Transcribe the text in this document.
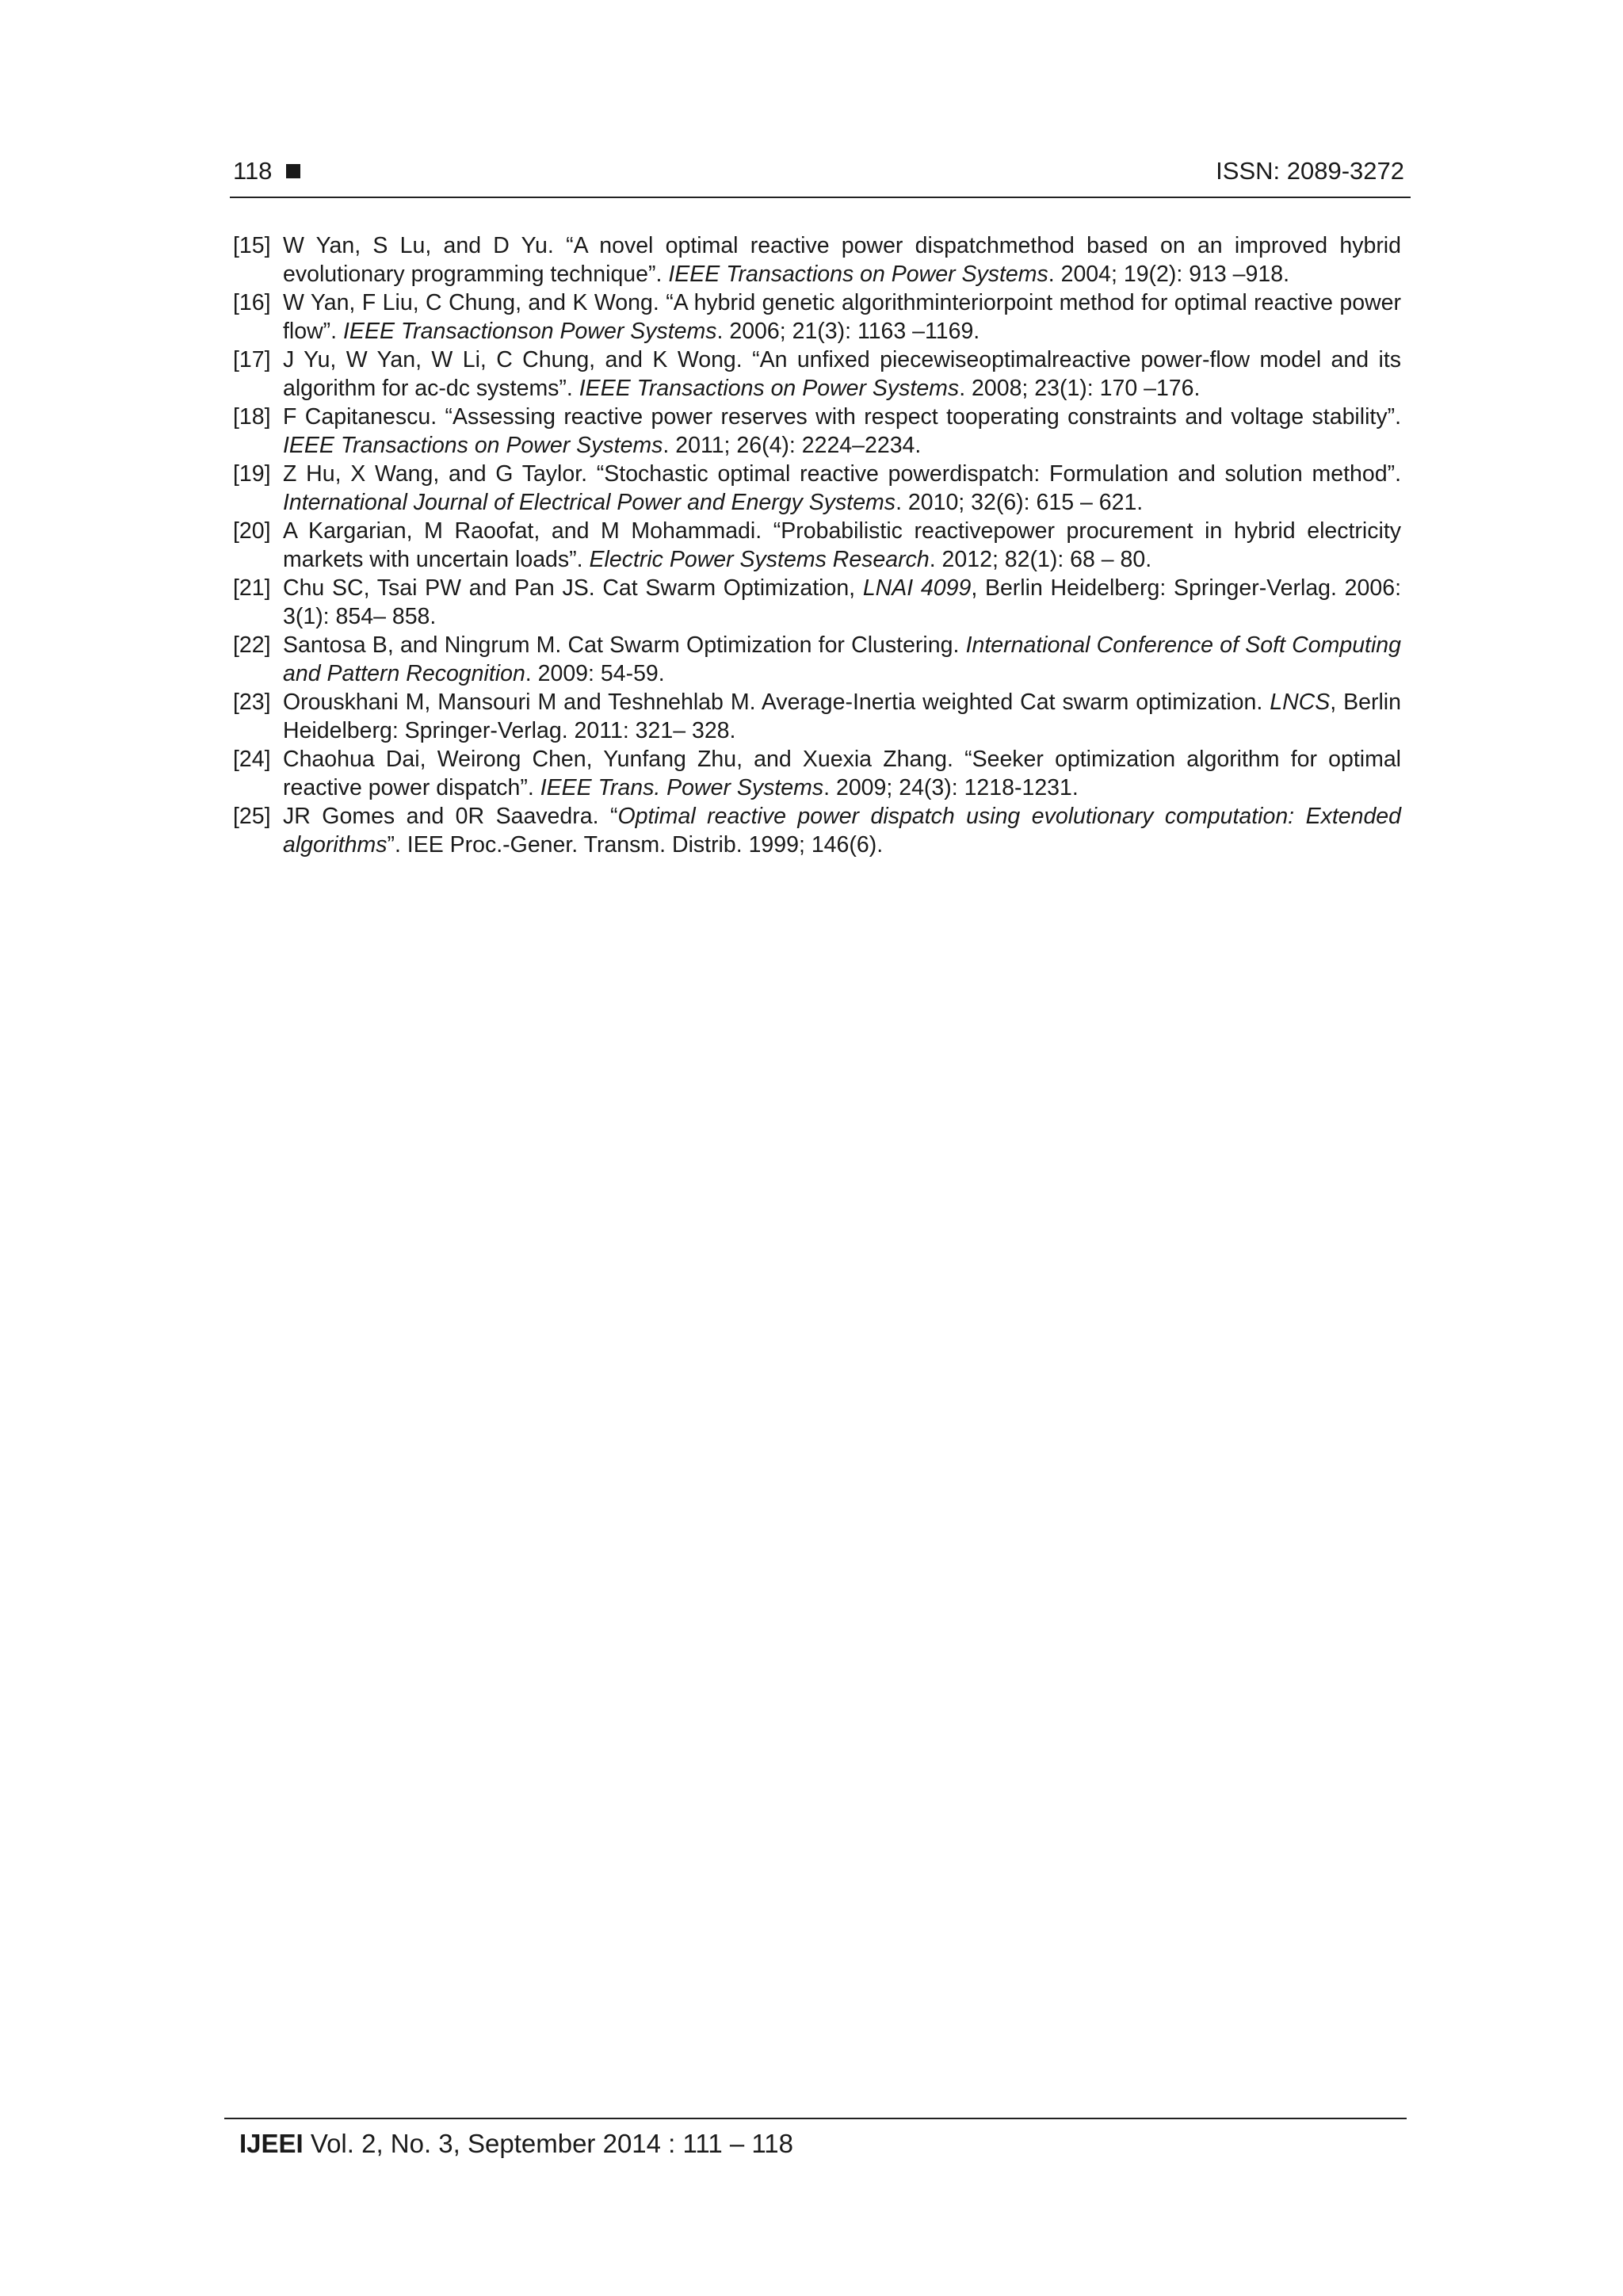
118	ISSN: 2089-3272
[15] W Yan, S Lu, and D Yu. “A novel optimal reactive power dispatchmethod based on an improved hybrid evolutionary programming technique”. IEEE Transactions on Power Systems. 2004; 19(2): 913 –918.
[16] W Yan, F Liu, C Chung, and K Wong. “A hybrid genetic algorithminteriorpoint method for optimal reactive power flow”. IEEE Transactionson Power Systems. 2006; 21(3): 1163 –1169.
[17] J Yu, W Yan, W Li, C Chung, and K Wong. “An unfixed piecewiseoptimalreactive power-flow model and its algorithm for ac-dc systems”. IEEE Transactions on Power Systems. 2008; 23(1): 170 –176.
[18] F Capitanescu. “Assessing reactive power reserves with respect tooperating constraints and voltage stability”. IEEE Transactions on Power Systems. 2011; 26(4): 2224–2234.
[19] Z Hu, X Wang, and G Taylor. “Stochastic optimal reactive powerdispatch: Formulation and solution method”. International Journal of Electrical Power and Energy Systems. 2010; 32(6): 615 – 621.
[20] A Kargarian, M Raoofat, and M Mohammadi. “Probabilistic reactivepower procurement in hybrid electricity markets with uncertain loads”. Electric Power Systems Research. 2012; 82(1): 68 – 80.
[21] Chu SC, Tsai PW and Pan JS. Cat Swarm Optimization, LNAI 4099, Berlin Heidelberg: Springer-Verlag. 2006: 3(1): 854– 858.
[22] Santosa B, and Ningrum M. Cat Swarm Optimization for Clustering. International Conference of Soft Computing and Pattern Recognition. 2009: 54-59.
[23] Orouskhani M, Mansouri M and Teshnehlab M. Average-Inertia weighted Cat swarm optimization. LNCS, Berlin Heidelberg: Springer-Verlag. 2011: 321– 328.
[24] Chaohua Dai, Weirong Chen, Yunfang Zhu, and Xuexia Zhang. “Seeker optimization algorithm for optimal reactive power dispatch”. IEEE Trans. Power Systems. 2009; 24(3): 1218-1231.
[25] JR Gomes and 0R Saavedra. “Optimal reactive power dispatch using evolutionary computation: Extended algorithms”. IEE Proc.-Gener. Transm. Distrib. 1999; 146(6).
IJEEI Vol. 2, No. 3, September 2014 : 111 – 118
